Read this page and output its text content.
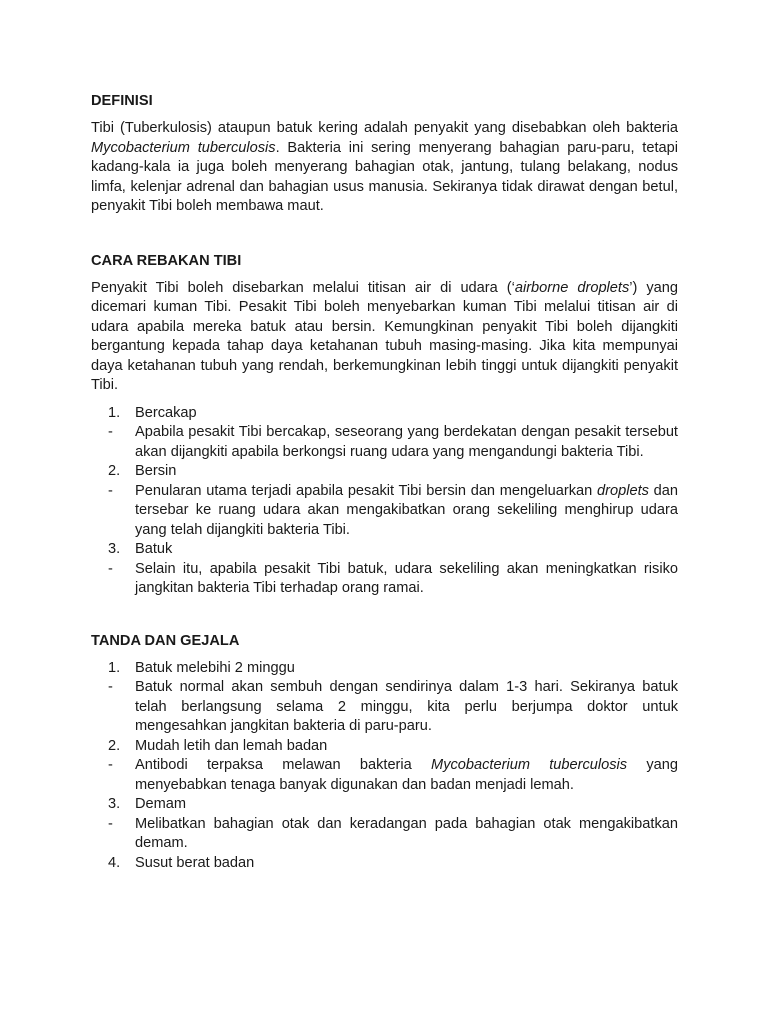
DEFINISI

Tibi (Tuberkulosis) ataupun batuk kering adalah penyakit yang disebabkan oleh bakteria Mycobacterium tuberculosis. Bakteria ini sering menyerang bahagian paru-paru, tetapi kadang-kala ia juga boleh menyerang bahagian otak, jantung, tulang belakang, nodus limfa, kelenjar adrenal dan bahagian usus manusia. Sekiranya tidak dirawat dengan betul, penyakit Tibi boleh membawa maut.

CARA REBAKAN TIBI

Penyakit Tibi boleh disebarkan melalui titisan air di udara (‘airborne droplets’) yang dicemari kuman Tibi. Pesakit Tibi boleh menyebarkan kuman Tibi melalui titisan air di udara apabila mereka batuk atau bersin. Kemungkinan penyakit Tibi boleh dijangkiti bergantung kepada tahap daya ketahanan tubuh masing-masing. Jika kita mempunyai daya ketahanan tubuh yang rendah, berkemungkinan lebih tinggi untuk dijangkiti penyakit Tibi.

1.	Bercakap
-	Apabila pesakit Tibi bercakap, seseorang yang berdekatan dengan pesakit tersebut akan dijangkiti apabila berkongsi ruang udara yang mengandungi bakteria Tibi.
2.	Bersin
-	Penularan utama terjadi apabila pesakit Tibi bersin dan mengeluarkan droplets dan tersebar ke ruang udara akan mengakibatkan orang sekeliling menghirup udara yang telah dijangkiti bakteria Tibi.
3.	Batuk
-	Selain itu, apabila pesakit Tibi batuk, udara sekeliling akan meningkatkan risiko jangkitan bakteria Tibi terhadap orang ramai.
TANDA DAN GEJALA
1.	Batuk melebihi 2 minggu
-	Batuk normal akan sembuh dengan sendirinya dalam 1-3 hari. Sekiranya batuk telah berlangsung selama 2 minggu, kita perlu berjumpa doktor untuk mengesahkan jangkitan bakteria di paru-paru.
2.	Mudah letih dan lemah badan
-	Antibodi terpaksa melawan bakteria Mycobacterium tuberculosis yang menyebabkan tenaga banyak digunakan dan badan menjadi lemah.
3.	Demam
-	Melibatkan bahagian otak dan keradangan pada bahagian otak mengakibatkan demam.
4.	Susut berat badan
